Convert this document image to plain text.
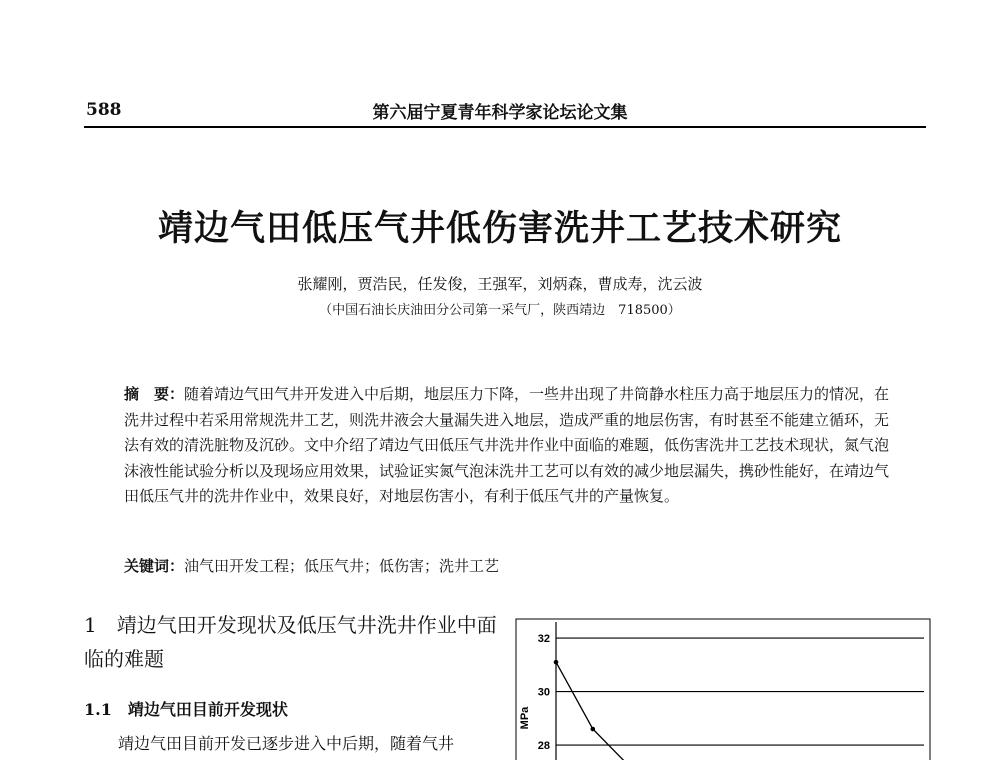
588	第六届宁夏青年科学家论坛论文集
靖边气田低压气井低伤害洗井工艺技术研究
张耀刚，贾浩民，任发俊，王强军，刘炳森，曹成寿，沈云波
（中国石油长庆油田分公司第一采气厂，陕西靖边　718500）
摘　要：随着靖边气田气井开发进入中后期，地层压力下降，一些井出现了井筒静水柱压力高于地层压力的情况，在洗井过程中若采用常规洗井工艺，则洗井液会大量漏失进入地层，造成严重的地层伤害，有时甚至不能建立循环，无法有效的清洗脏物及沉砂。文中介绍了靖边气田低压气井洗井作业中面临的难题，低伤害洗井工艺技术现状，氮气泡沫液性能试验分析以及现场应用效果，试验证实氮气泡沫洗井工艺可以有效的减少地层漏失，携砂性能好，在靖边气田低压气井的洗井作业中，效果良好，对地层伤害小，有利于低压气井的产量恢复。
关键词：油气田开发工程；低压气井；低伤害；洗井工艺
1　靖边气田开发现状及低压气井洗井作业中面临的难题
1.1　靖边气田目前开发现状
靖边气田目前开发已逐步进入中后期，随着气井
32
30
28
MPa
